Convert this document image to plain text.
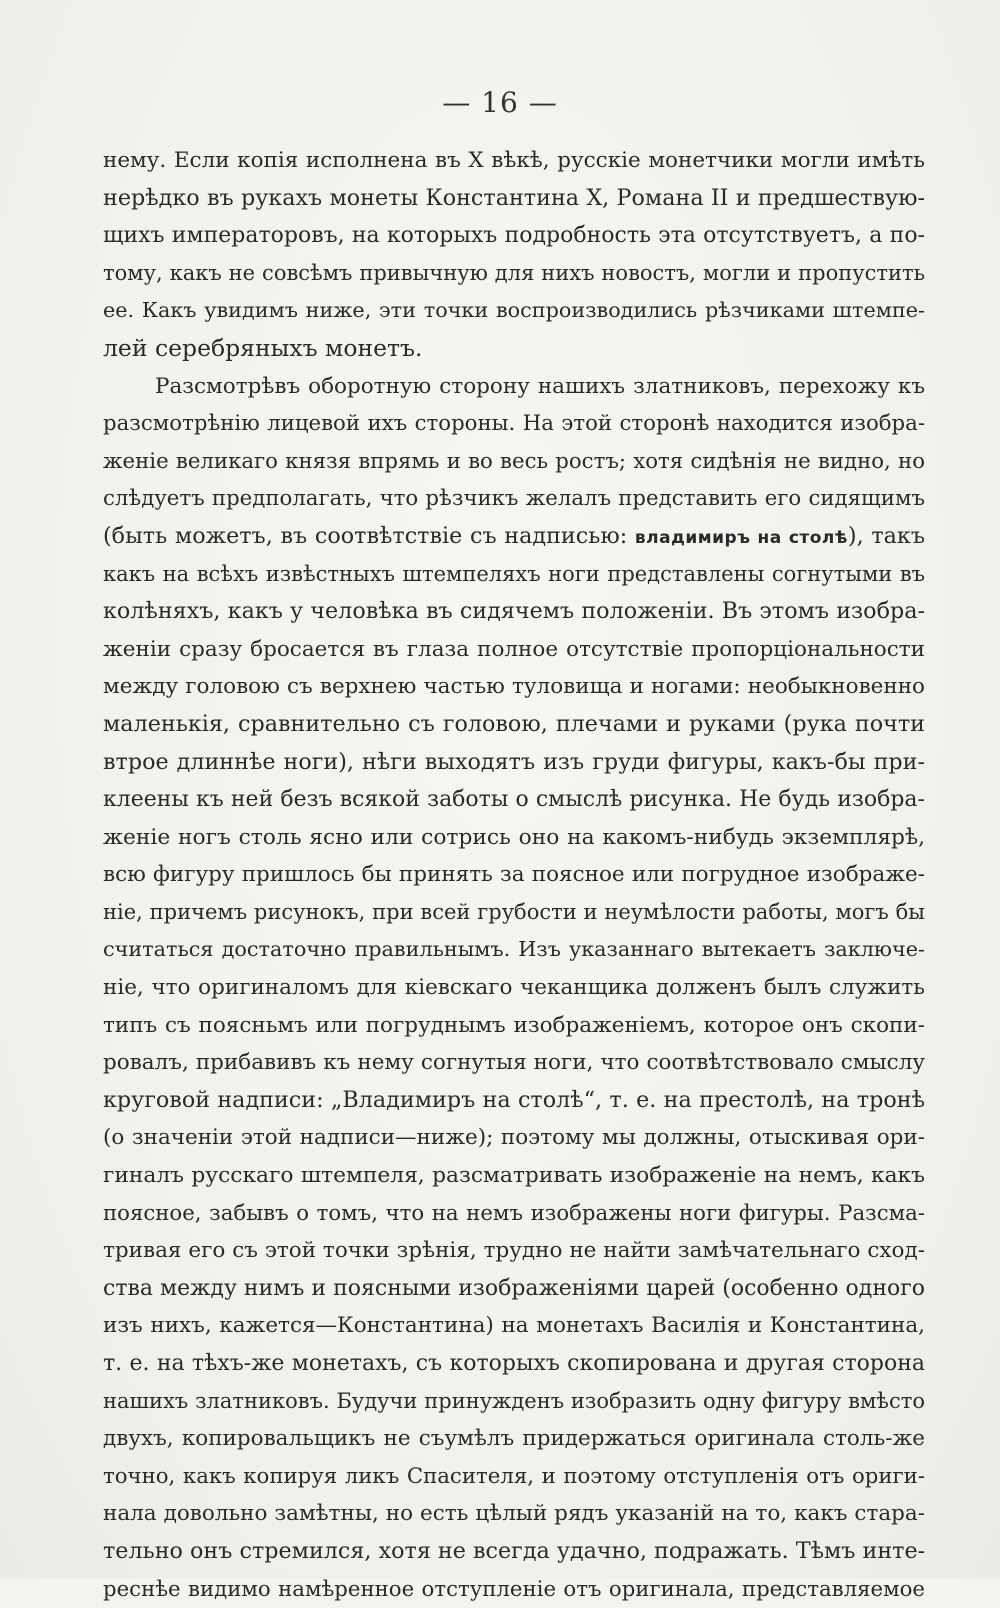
— 16 —
нему. Если копія исполнена въ X вѣкѣ, русскіе монетчики могли имѣть
нерѣдко въ рукахъ монеты Константина X, Романа II и предшествую-
щихъ императоровъ, на которыхъ подробность эта отсутствуетъ, а по-
тому, какъ не совсѣмъ привычную для нихъ новостъ, могли и пропустить
ее. Какъ увидимъ ниже, эти точки воспроизводились рѣзчиками штемпе-
лей серебряныхъ монетъ.
Разсмотрѣвъ оборотную сторону нашихъ златниковъ, перехожу къ
разсмотрѣнію лицевой ихъ стороны. На этой сторонѣ находится изобра-
женіе великаго князя впрямь и во весь ростъ; хотя сидѣнія не видно, но
слѣдуетъ предполагать, что рѣзчикъ желалъ представить его сидящимъ
(быть можетъ, въ соотвѣтствіе съ надписью: владимиръ на столѣ), такъ
какъ на всѣхъ извѣстныхъ штемпеляхъ ноги представлены согнутыми въ
колѣняхъ, какъ у человѣка въ сидячемъ положеніи. Въ этомъ изобра-
женіи сразу бросается въ глаза полное отсутствіе пропорціональности
между головою съ верхнею частью туловища и ногами: необыкновенно
маленькія, сравнительно съ головою, плечами и руками (рука почти
втрое длиннѣе ноги), нѣги выходятъ изъ груди фигуры, какъ-бы при-
клеены къ ней безъ всякой заботы о смыслѣ рисунка. Не будь изобра-
женіе ногъ столь ясно или сотрись оно на какомъ-нибудь экземплярѣ,
всю фигуру пришлось бы принять за поясное или погрудное изображе-
ніе, причемъ рисунокъ, при всей грубости и неумѣлости работы, могъ бы
считаться достаточно правильнымъ. Изъ указаннаго вытекаетъ заключе-
ніе, что оригиналомъ для кіевскаго чеканщика долженъ былъ служить
типъ съ поясньмъ или погруднымъ изображеніемъ, которое онъ скопи-
ровалъ, прибавивъ къ нему согнутыя ноги, что соотвѣтствовало смыслу
круговой надписи: „Владимиръ на столѣ“, т. е. на престолѣ, на тронѣ
(о значеніи этой надписи—ниже); поэтому мы должны, отыскивая ори-
гиналъ русскаго штемпеля, разсматривать изображеніе на немъ, какъ
поясное, забывъ о томъ, что на немъ изображены ноги фигуры. Разсма-
тривая его съ этой точки зрѣнія, трудно не найти замѣчательнаго сход-
ства между нимъ и поясными изображеніями царей (особенно одного
изъ нихъ, кажется—Константина) на монетахъ Василія и Константина,
т. е. на тѣхъ-же монетахъ, съ которыхъ скопирована и другая сторона
нашихъ златниковъ. Будучи принужденъ изобразить одну фигуру вмѣсто
двухъ, копировальщикъ не съумѣлъ придержаться оригинала столь-же
точно, какъ копируя ликъ Спасителя, и поэтому отступленія отъ ориги-
нала довольно замѣтны, но есть цѣлый рядъ указаній на то, какъ стара-
тельно онъ стремился, хотя не всегда удачно, подражать. Тѣмъ инте-
реснѣе видимо намѣренное отступленіе отъ оригинала, представляемое
